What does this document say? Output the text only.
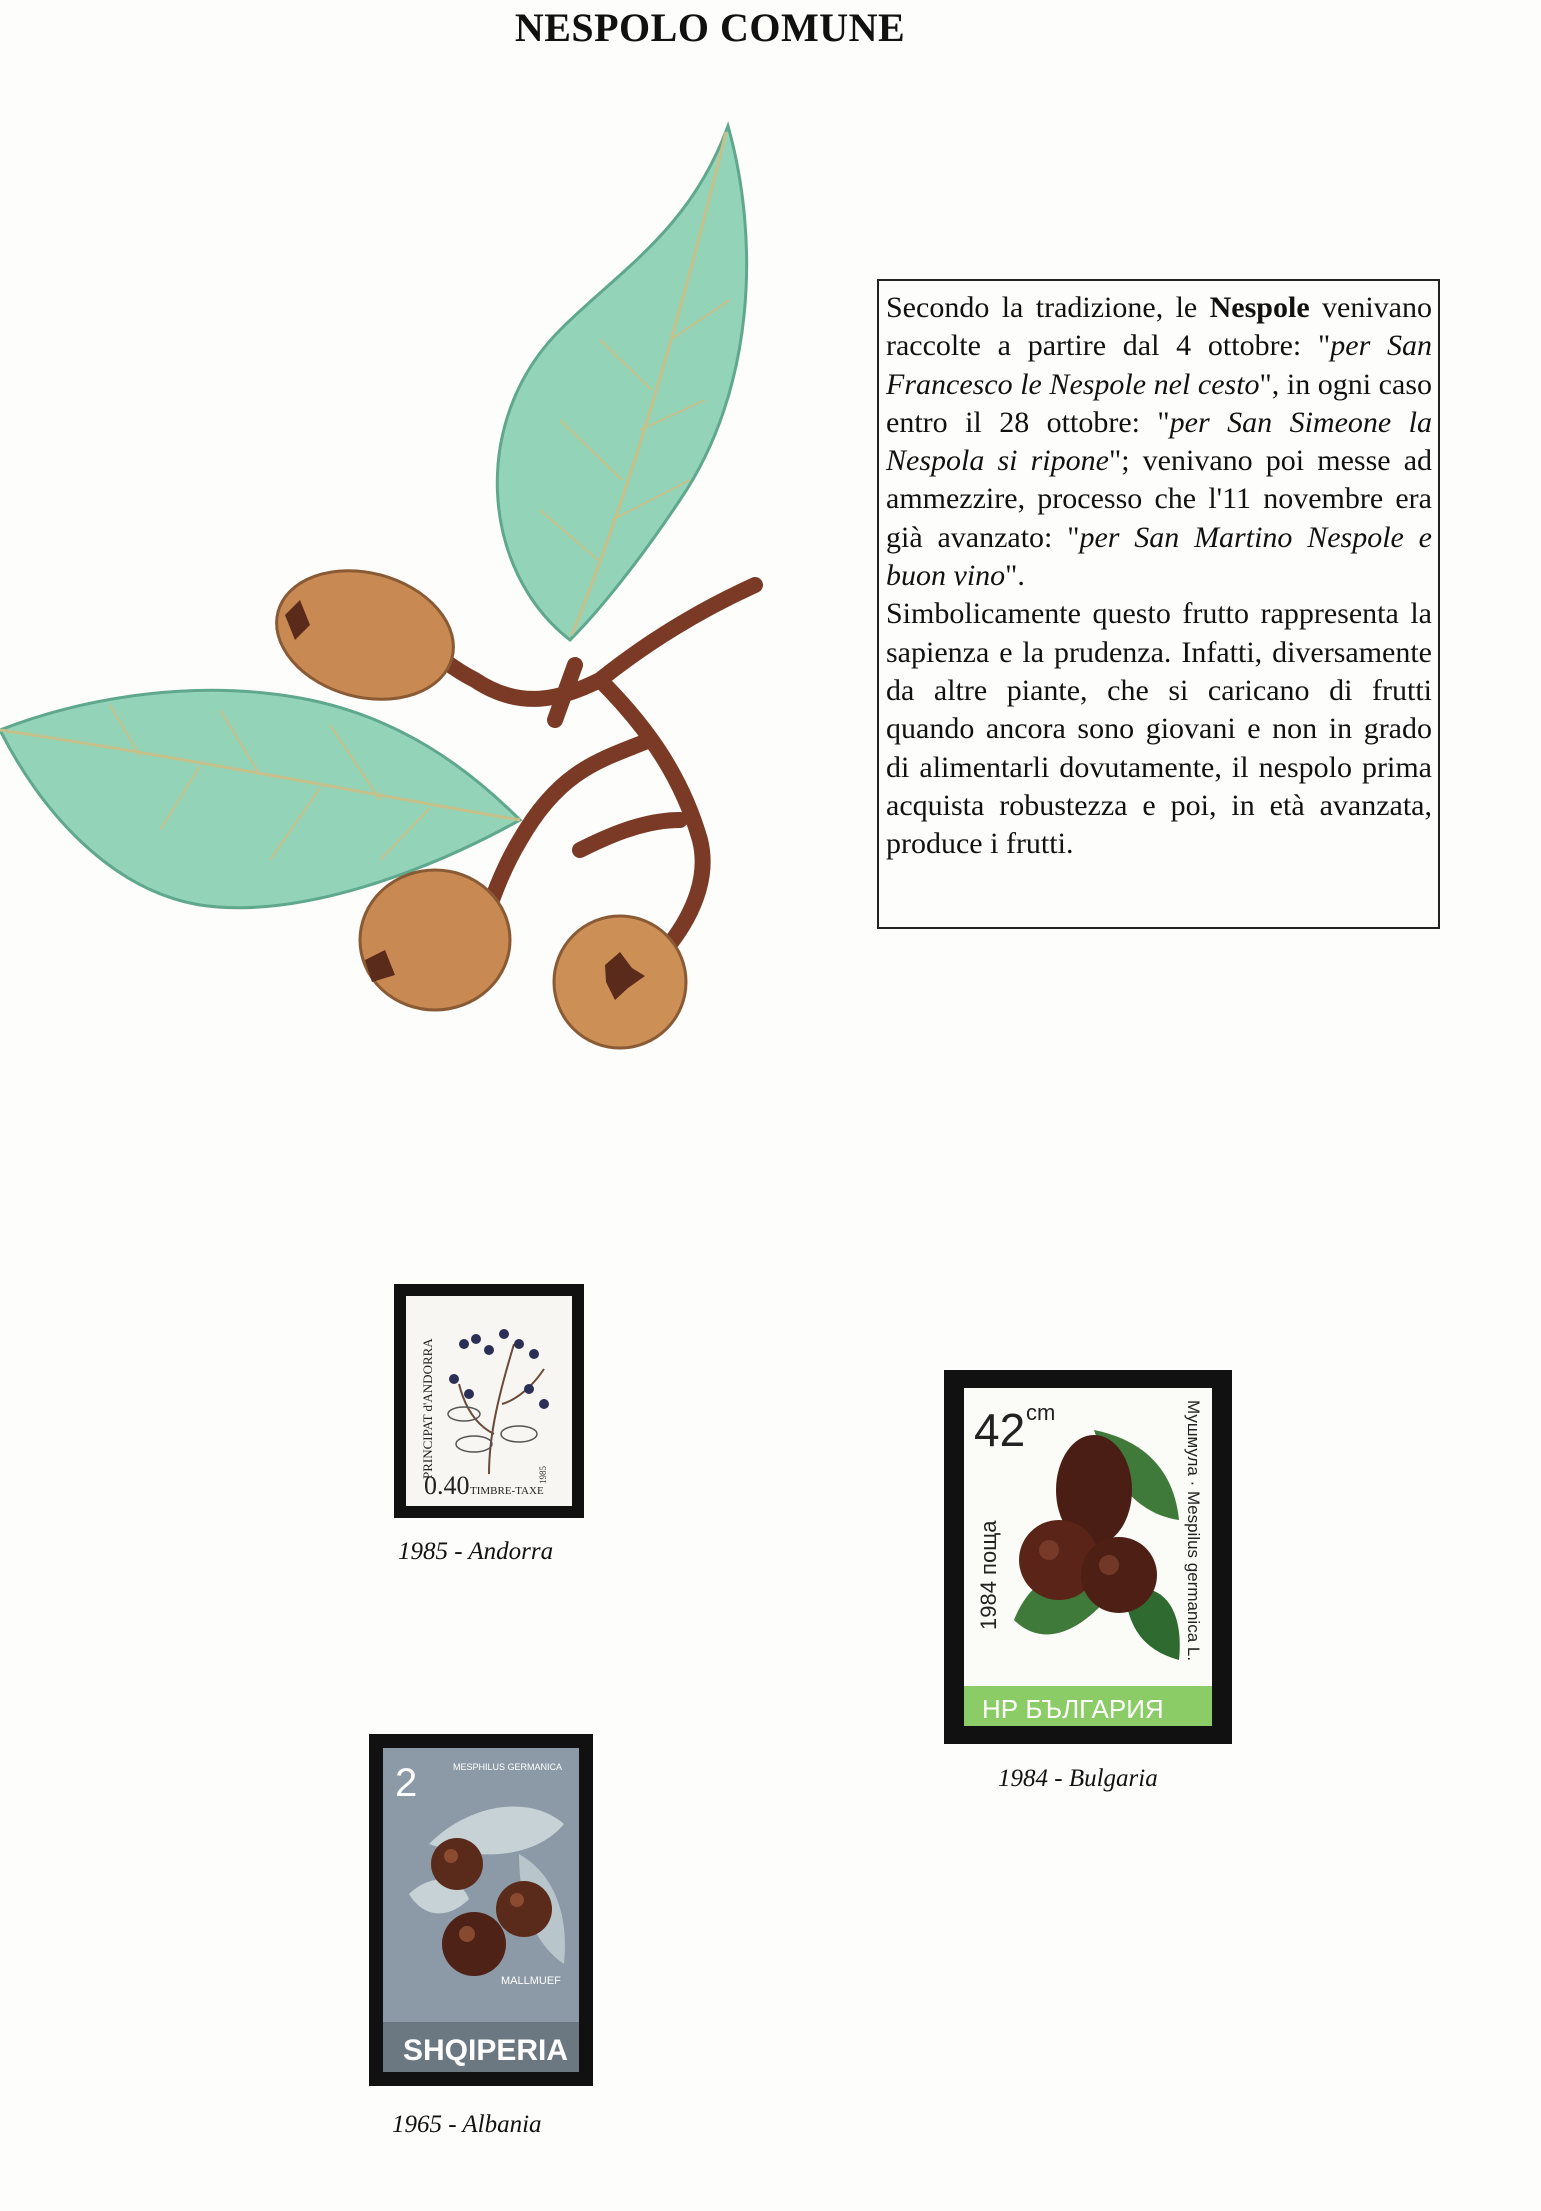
NESPOLO COMUNE

Secondo la tradizione, le Nespole venivano raccolte a partire dal 4 ottobre: "per San Francesco le Nespole nel cesto", in ogni caso entro il 28 ottobre: "per San Simeone la Nespola si ripone"; venivano poi messe ad ammezzire, processo che l'11 novembre era già avanzato: "per San Martino Nespole e buon vino".

Simbolicamente questo frutto rappresenta la sapienza e la prudenza. Infatti, diversamente da altre piante, che si caricano di frutti quando ancora sono giovani e non in grado di alimentarli dovutamente, il nespolo prima acquista robustezza e poi, in età avanzata, produce i frutti.

PRINCIPAT d'ANDORRA	1985
0.40 TIMBRE-TAXE
1985 - Andorra
НР БЪЛГАРИЯ
42 cm
1984 поща	Мушмула · Mespilus germanica L.
1984 - Bulgaria
2	MESPHILUS GERMANICA
MALLMUEF
SHQIPERIA
1965 - Albania
